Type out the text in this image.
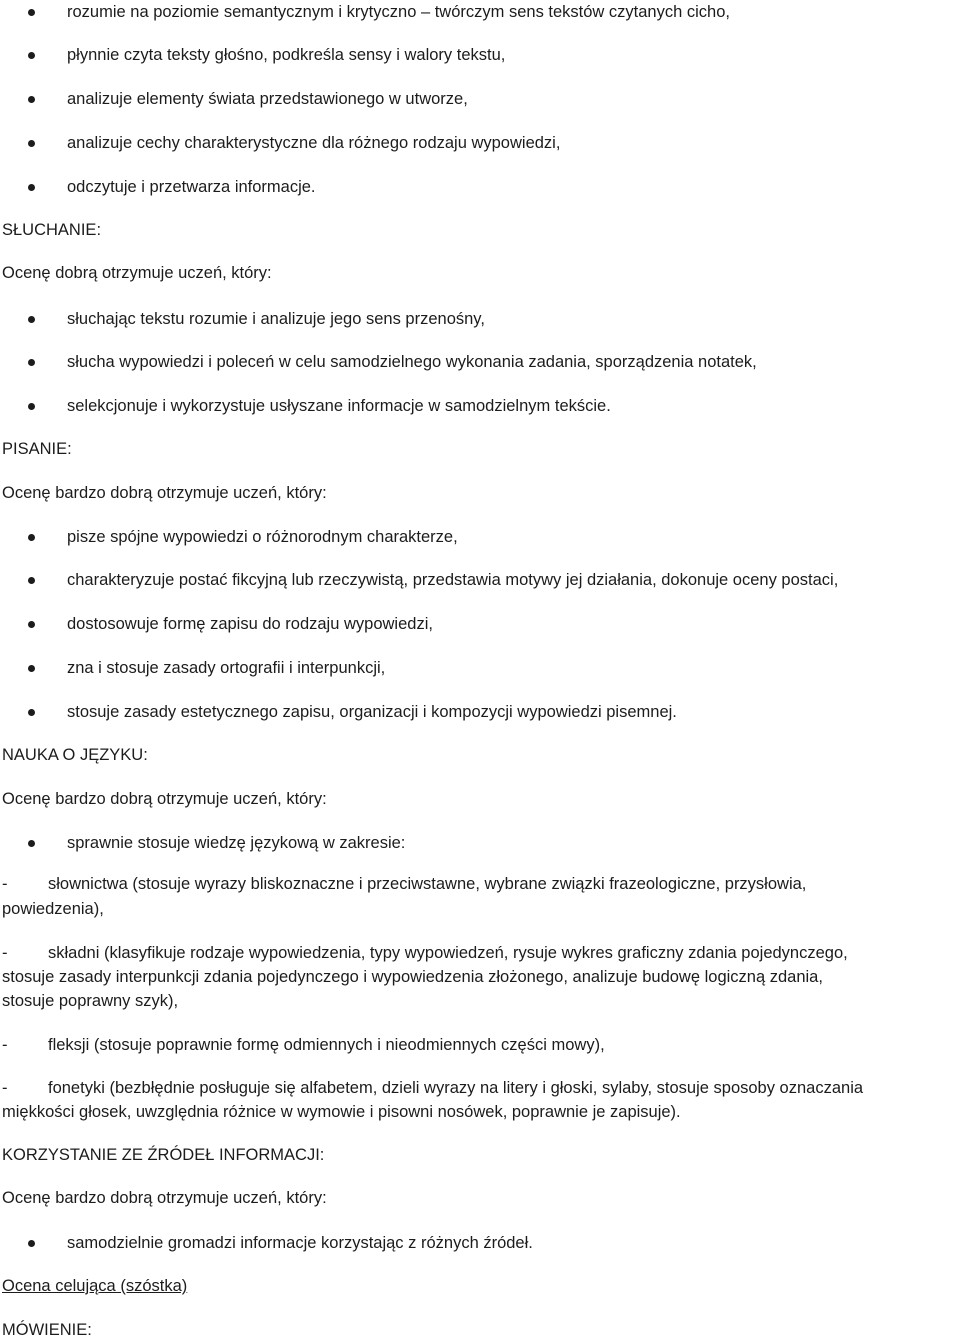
rozumie na poziomie semantycznym i krytyczno – twórczym sens tekstów czytanych cicho,
płynnie czyta teksty głośno, podkreśla sensy i walory tekstu,
analizuje elementy świata przedstawionego w utworze,
analizuje cechy charakterystyczne dla różnego rodzaju wypowiedzi,
odczytuje i przetwarza informacje.
SŁUCHANIE:
Ocenę dobrą otrzymuje uczeń, który:
słuchając tekstu rozumie i analizuje jego sens przenośny,
słucha wypowiedzi i poleceń w celu samodzielnego wykonania zadania, sporządzenia notatek,
selekcjonuje i wykorzystuje usłyszane informacje w samodzielnym tekście.
PISANIE:
Ocenę bardzo dobrą otrzymuje uczeń, który:
pisze spójne wypowiedzi o różnorodnym charakterze,
charakteryzuje postać fikcyjną lub rzeczywistą, przedstawia motywy jej działania, dokonuje oceny postaci,
dostosowuje formę zapisu do rodzaju wypowiedzi,
zna i stosuje zasady ortografii i interpunkcji,
stosuje zasady estetycznego zapisu, organizacji i kompozycji wypowiedzi pisemnej.
NAUKA O JĘZYKU:
Ocenę bardzo dobrą otrzymuje uczeń, który:
sprawnie stosuje wiedzę językową w zakresie:
- słownictwa (stosuje wyrazy bliskoznaczne i przeciwstawne, wybrane związki frazeologiczne, przysłowia,
powiedzenia),
- składni (klasyfikuje rodzaje wypowiedzenia, typy wypowiedzeń, rysuje wykres graficzny zdania pojedynczego,
stosuje zasady interpunkcji zdania pojedynczego i wypowiedzenia złożonego, analizuje budowę logiczną zdania,
stosuje poprawny szyk),
- fleksji (stosuje poprawnie formę odmiennych i nieodmiennych części mowy),
- fonetyki (bezbłędnie posługuje się alfabetem, dzieli wyrazy na litery i głoski, sylaby, stosuje sposoby oznaczania
miękkości głosek, uwzględnia różnice w wymowie i pisowni nosówek, poprawnie je zapisuje).
KORZYSTANIE ZE ŹRÓDEŁ INFORMACJI:
Ocenę bardzo dobrą otrzymuje uczeń, który:
samodzielnie gromadzi informacje korzystając z różnych źródeł.
Ocena celująca (szóstka)
MÓWIENIE:
